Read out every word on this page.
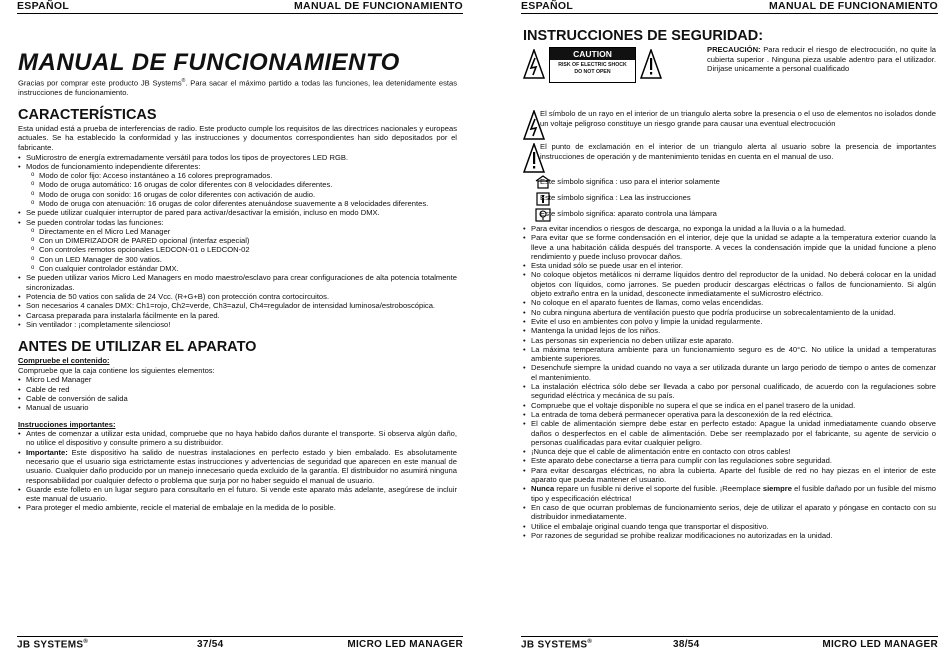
ESPAÑOL	MANUAL DE FUNCIONAMIENTO
MANUAL DE FUNCIONAMIENTO
Gracias por comprar este producto JB Systems®. Para sacar el máximo partido a todas las funciones, lea detenidamente estas instrucciones de funcionamiento.
CARACTERÍSTICAS
Esta unidad está a prueba de interferencias de radio. Este producto cumple los requisitos de las directrices nacionales y europeas actuales. Se ha establecido la conformidad y las instrucciones y documentos correspondientes han sido depositados por el fabricante.
• SuMicrostro de energía extremadamente versátil para todos los tipos de proyectores LED RGB.
• Modos de funcionamiento independiente diferentes:
o Modo de color fijo: Acceso instantáneo a 16 colores preprogramados.
o Modo de oruga automático: 16 orugas de color diferentes con 8 velocidades diferentes.
o Modo de oruga con sonido: 16 orugas de color diferentes con activación de audio.
o Modo de oruga con atenuación: 16 orugas de color diferentes atenuándose suavemente a 8 velocidades diferentes.
• Se puede utilizar cualquier interruptor de pared para activar/desactivar la emisión, incluso en modo DMX.
• Se pueden controlar todas las funciones:
o Directamente en el Micro Led Manager
o Con un DIMERIZADOR de PARED opcional (interfaz especial)
o Con controles remotos opcionales LEDCON-01 o LEDCON-02
o Con un LED Manager de 300 vatios.
o Con cualquier controlador estándar DMX.
• Se pueden utilizar varios Micro Led Managers en modo maestro/esclavo para crear configuraciones de alta potencia totalmente sincronizadas.
• Potencia de 50 vatios con salida de 24 Vcc. (R+G+B) con protección contra cortocircuitos.
• Son necesarios 4 canales DMX: Ch1=rojo, Ch2=verde, Ch3=azul, Ch4=regulador de intensidad luminosa/estroboscópica.
• Carcasa preparada para instalarla fácilmente en la pared.
• Sin ventilador : ¡completamente silencioso!
ANTES DE UTILIZAR EL APARATO
Compruebe el contenido:
Compruebe que la caja contiene los siguientes elementos:
• Micro Led Manager
• Cable de red
• Cable de conversión de salida
• Manual de usuario
Instrucciones importantes:
• Antes de comenzar a utilizar esta unidad, compruebe que no haya habido daños durante el transporte. Si observa algún daño, no utilice el dispositivo y consulte primero a su distribuidor.
• Importante: Este dispositivo ha salido de nuestras instalaciones en perfecto estado y bien embalado. Es absolutamente necesario que el usuario siga estrictamente estas instrucciones y advertencias de seguridad que aparecen en este manual de usuario. Cualquier daño producido por un manejo innecesario queda excluido de la garantía. El distribuidor no asumirá ninguna responsabilidad por cualquier defecto o problema que surja por no haber seguido el manual de usuario.
• Guarde este folleto en un lugar seguro para consultarlo en el futuro. Si vende este aparato más adelante, asegúrese de incluir este manual de usuario.
• Para proteger el medio ambiente, recicle el material de embalaje en la medida de lo posible.
JB SYSTEMS®	37/54	MICRO LED MANAGER
ESPAÑOL	MANUAL DE FUNCIONAMIENTO
INSTRUCCIONES DE SEGURIDAD:
CAUTION
RISK OF ELECTRIC SHOCK
DO NOT OPEN
PRECAUCIÓN: Para reducir el riesgo de electrocución, no quite la cubierta superior . Ninguna pieza usable adentro para el utilizador. Dirijase unicamente a personal cualificado
El símbolo de un rayo en el interior de un triangulo alerta sobre la presencia o el uso de elementos no isolados donde un voltaje peligroso constituye un riesgo grande para causar una eventual electrocución
El punto de exclamación en el interior de un triangulo alerta al usuario sobre la presencia de importantes instrucciones de operación y de mantenimiento tenidas en cuenta en el manual de uso.
Este símbolo significa : uso para el interior solamente
Este símbolo significa : Lea las instrucciones
Este símbolo significa: aparato controla una lámpara
• Para evitar incendios o riesgos de descarga, no exponga la unidad a la lluvia o a la humedad.
• Para evitar que se forme condensación en el interior, deje que la unidad se adapte a la temperatura exterior cuando la lleve a una habitación cálida después del transporte. A veces la condensación impide que la unidad funcione a pleno rendimiento y puede incluso provocar daños.
• Esta unidad sólo se puede usar en el interior.
• No coloque objetos metálicos ni derrame líquidos dentro del reproductor de la unidad. No deberá colocar en la unidad objetos con líquidos, como jarrones. Se pueden producir descargas eléctricas o fallos de funcionamiento. Si algún objeto extraño entra en la unidad, desconecte inmediatamente el suMicrostro eléctrico.
• No coloque en el aparato fuentes de llamas, como velas encendidas.
• No cubra ninguna abertura de ventilación puesto que podría producirse un sobrecalentamiento de la unidad.
• Evite el uso en ambientes con polvo y limpie la unidad regularmente.
• Mantenga la unidad lejos de los niños.
• Las personas sin experiencia no deben utilizar este aparato.
• La máxima temperatura ambiente para un funcionamiento seguro es de 40°C. No utilice la unidad a temperaturas ambiente superiores.
• Desenchufe siempre la unidad cuando no vaya a ser utilizada durante un largo periodo de tiempo o antes de comenzar el mantenimiento.
• La instalación eléctrica sólo debe ser llevada a cabo por personal cualificado, de acuerdo con la regulaciones sobre seguridad eléctrica y mecánica de su país.
• Compruebe que el voltaje disponible no supera el que se indica en el panel trasero de la unidad.
• La entrada de toma deberá permanecer operativa para la desconexión de la red eléctrica.
• El cable de alimentación siempre debe estar en perfecto estado: Apague la unidad inmediatamente cuando observe daños o desperfectos en el cable de alimentación. Debe ser reemplazado por el fabricante, su agente de servicio o personas cualificadas para evitar cualquier peligro.
• ¡Nunca deje que el cable de alimentación entre en contacto con otros cables!
• Este aparato debe conectarse a tierra para cumplir con las regulaciones sobre seguridad.
• Para evitar descargas eléctricas, no abra la cubierta. Aparte del fusible de red no hay piezas en el interior de este aparato que pueda mantener el usuario.
• Nunca repare un fusible ni derive el soporte del fusible. ¡Reemplace siempre el fusible dañado por un fusible del mismo tipo y especificación eléctrica!
• En caso de que ocurran problemas de funcionamiento serios, deje de utilizar el aparato y póngase en contacto con su distribuidor inmediatamente.
• Utilice el embalaje original cuando tenga que transportar el dispositivo.
• Por razones de seguridad se prohibe realizar modificaciones no autorizadas en la unidad.
JB SYSTEMS®	38/54	MICRO LED MANAGER
